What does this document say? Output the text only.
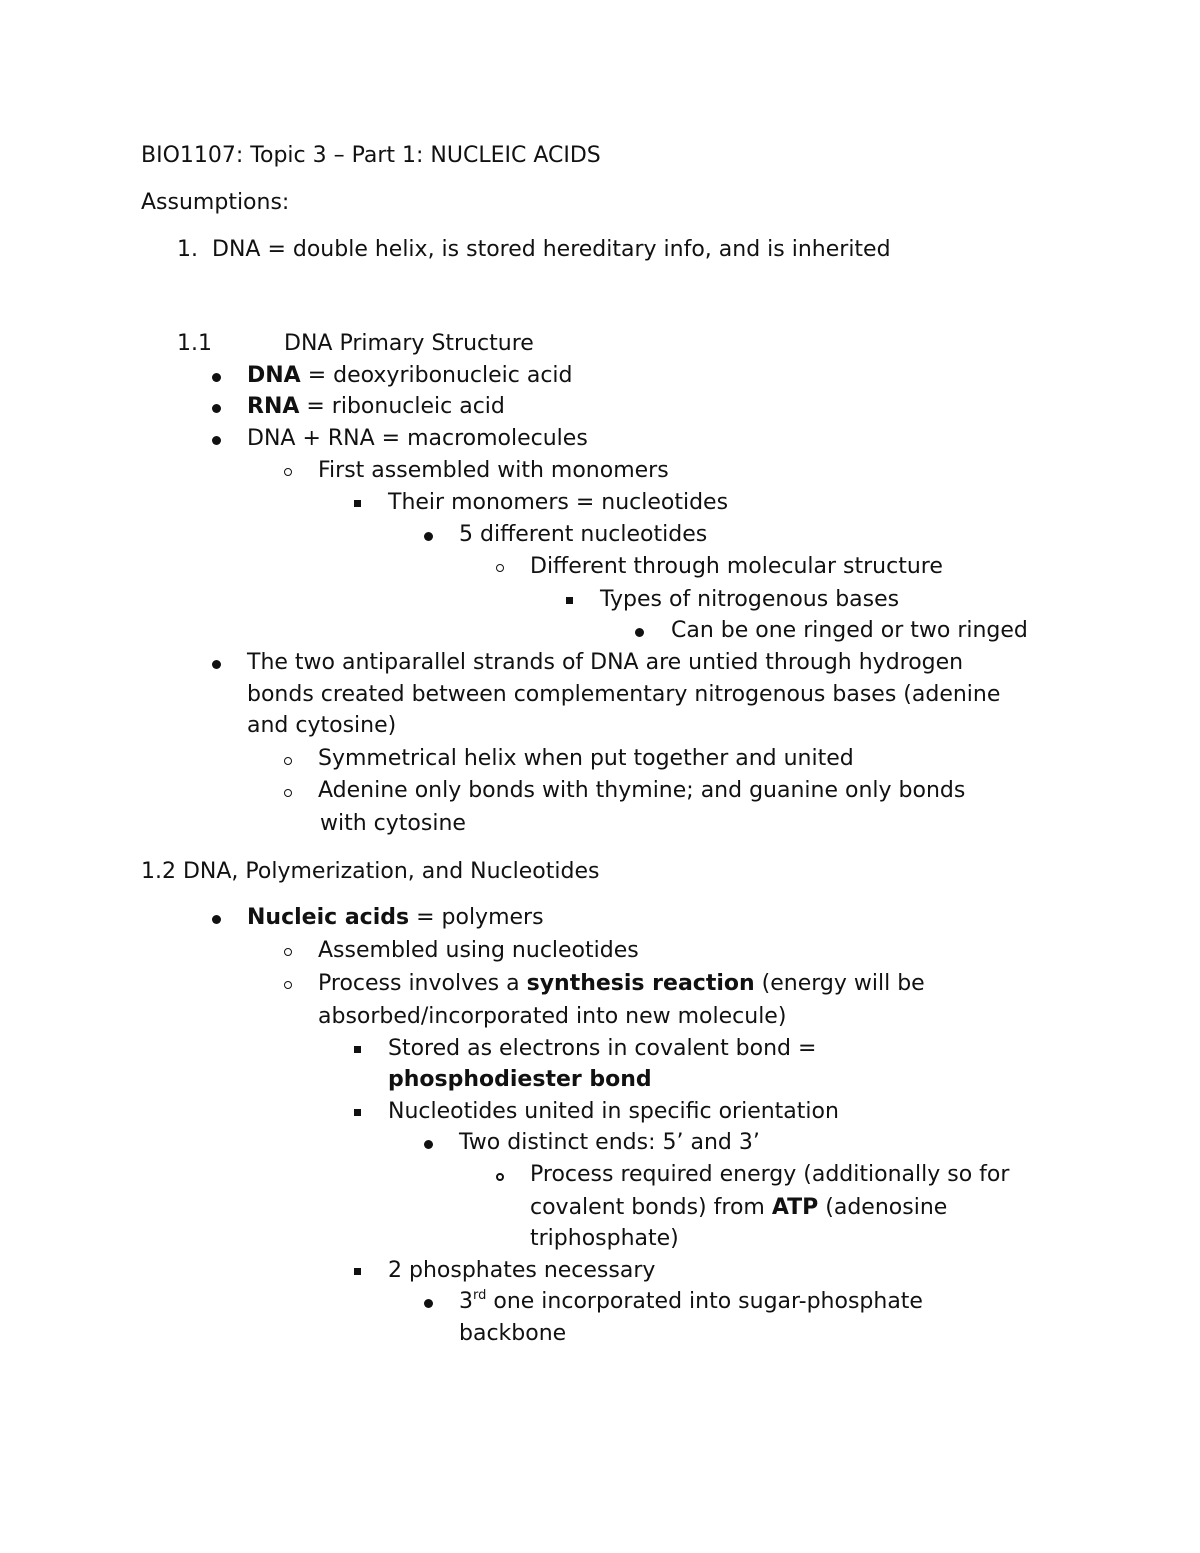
BIO1107: Topic 3 – Part 1: NUCLEIC ACIDS
Assumptions:
1. DNA = double helix, is stored hereditary info, and is inherited
1.1	DNA Primary Structure
DNA = deoxyribonucleic acid
RNA = ribonucleic acid
DNA + RNA = macromolecules
First assembled with monomers
Their monomers = nucleotides
5 different nucleotides
Different through molecular structure
Types of nitrogenous bases
Can be one ringed or two ringed
The two antiparallel strands of DNA are untied through hydrogen
bonds created between complementary nitrogenous bases (adenine
and cytosine)
Symmetrical helix when put together and united
Adenine only bonds with thymine; and guanine only bonds
with cytosine
1.2 DNA, Polymerization, and Nucleotides
Nucleic acids = polymers
Assembled using nucleotides
Process involves a synthesis reaction (energy will be
absorbed/incorporated into new molecule)
Stored as electrons in covalent bond =
phosphodiester bond
Nucleotides united in specific orientation
Two distinct ends: 5’ and 3’
Process required energy (additionally so for
covalent bonds) from ATP (adenosine
triphosphate)
2 phosphates necessary
3rd one incorporated into sugar-phosphate
backbone
